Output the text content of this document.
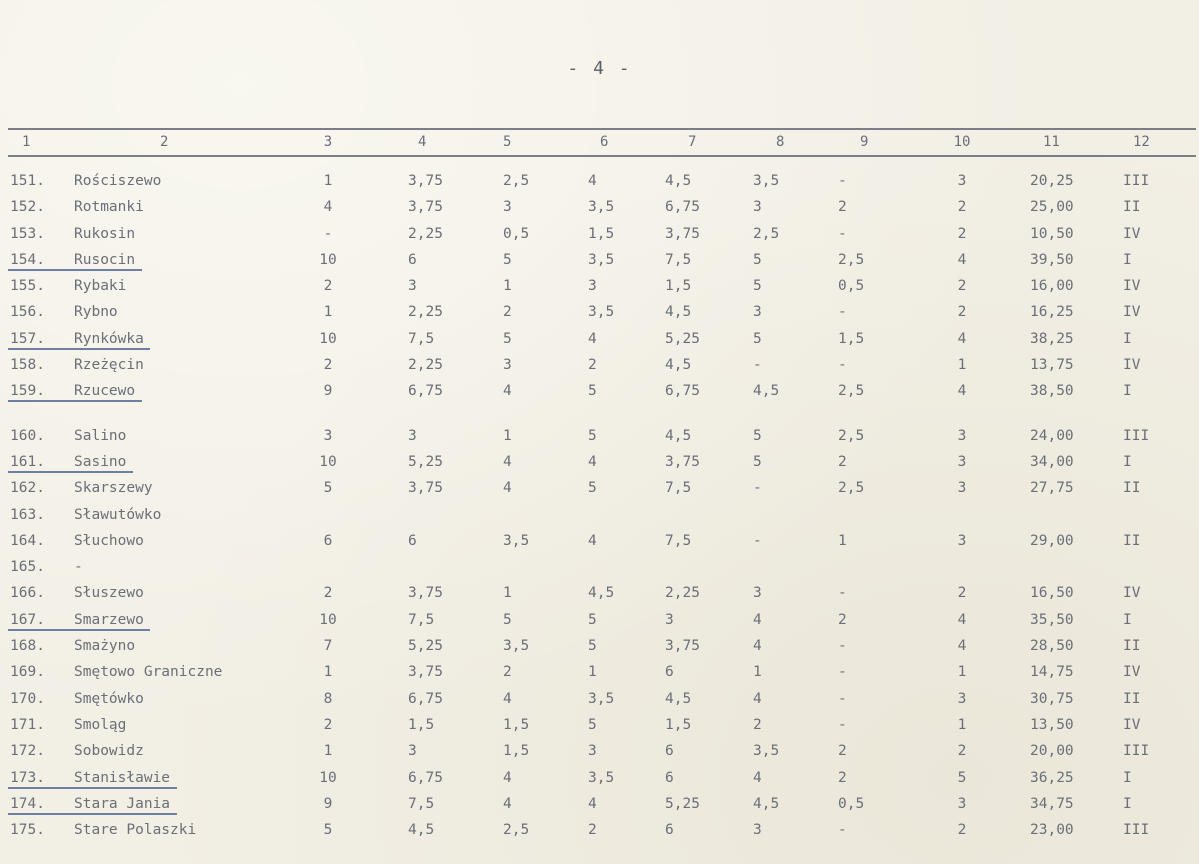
- 4 -
1	2	3	4	5	6	7	8	9	10	11	12
151.	Rościszewo	1	3,75	2,5	4	4,5	3,5	-	3	20,25	III
152.	Rotmanki	4	3,75	3	3,5	6,75	3	2	2	25,00	II
153.	Rukosin	-	2,25	0,5	1,5	3,75	2,5	-	2	10,50	IV
154.	Rusocin	10	6	5	3,5	7,5	5	2,5	4	39,50	I
155.	Rybaki	2	3	1	3	1,5	5	0,5	2	16,00	IV
156.	Rybno	1	2,25	2	3,5	4,5	3	-	2	16,25	IV
157.	Rynkówka	10	7,5	5	4	5,25	5	1,5	4	38,25	I
158.	Rzeżęcin	2	2,25	3	2	4,5	-	-	1	13,75	IV
159.	Rzucewo	9	6,75	4	5	6,75	4,5	2,5	4	38,50	I
160.	Salino	3	3	1	5	4,5	5	2,5	3	24,00	III
161.	Sasino	10	5,25	4	4	3,75	5	2	3	34,00	I
162.	Skarszewy	5	3,75	4	5	7,5	-	2,5	3	27,75	II
163.	Sławutówko
164.	Słuchowo	6	6	3,5	4	7,5	-	1	3	29,00	II
165.	-
166.	Słuszewo	2	3,75	1	4,5	2,25	3	-	2	16,50	IV
167.	Smarzewo	10	7,5	5	5	3	4	2	4	35,50	I
168.	Smażyno	7	5,25	3,5	5	3,75	4	-	4	28,50	II
169.	Smętowo Graniczne	1	3,75	2	1	6	1	-	1	14,75	IV
170.	Smętówko	8	6,75	4	3,5	4,5	4	-	3	30,75	II
171.	Smoląg	2	1,5	1,5	5	1,5	2	-	1	13,50	IV
172.	Sobowidz	1	3	1,5	3	6	3,5	2	2	20,00	III
173.	Stanisławie	10	6,75	4	3,5	6	4	2	5	36,25	I
174.	Stara Jania	9	7,5	4	4	5,25	4,5	0,5	3	34,75	I
175.	Stare Polaszki	5	4,5	2,5	2	6	3	-	2	23,00	III
